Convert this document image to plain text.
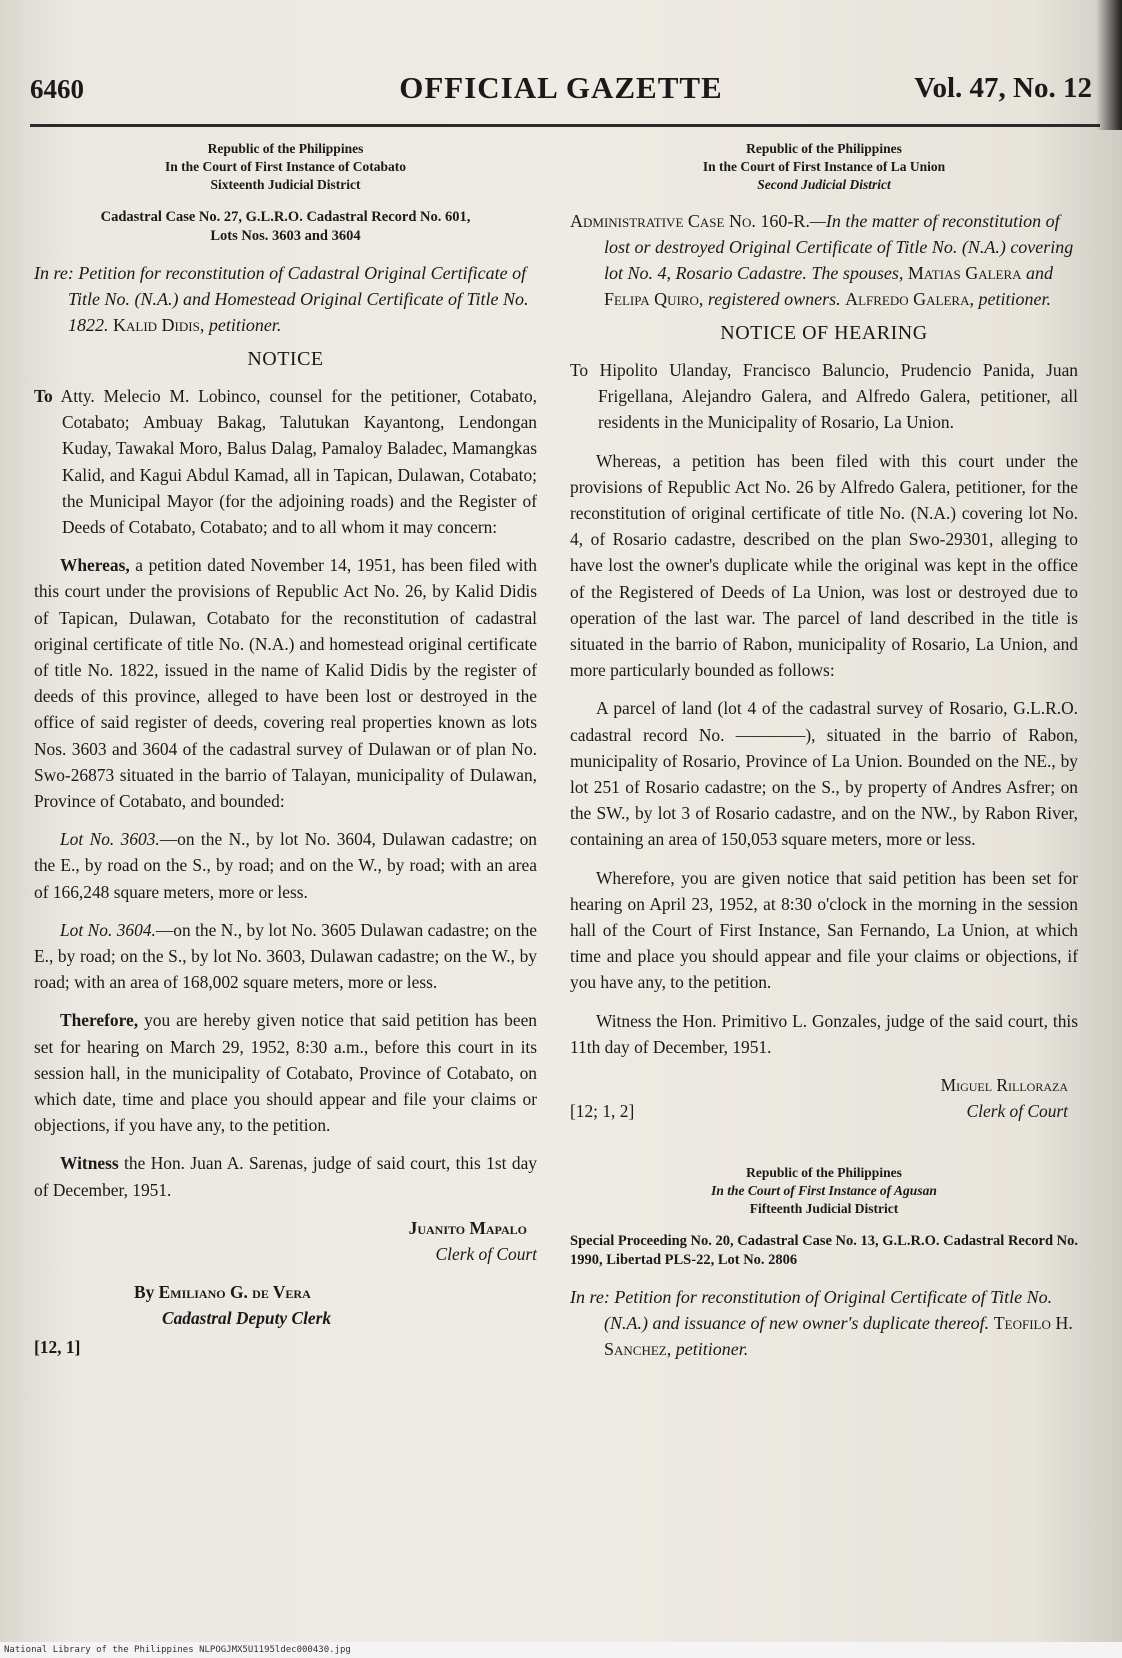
6460	OFFICIAL GAZETTE	Vol. 47, No. 12
Republic of the Philippines
In the Court of First Instance of Cotabato
Sixteenth Judicial District
Cadastral Case No. 27, G.L.R.O. Cadastral Record No. 601,
Lots Nos. 3603 and 3604
In re: Petition for reconstitution of Cadastral Original Certificate of Title No. (N.A.) and Homestead Original Certificate of Title No. 1822. Kalid Didis, petitioner.
NOTICE

To Atty. Melecio M. Lobinco, counsel for the petitioner, Cotabato, Cotabato; Ambuay Bakag, Talutukan Kayantong, Lendongan Kuday, Tawakal Moro, Balus Dalag, Pamaloy Baladec, Mamangkas Kalid, and Kagui Abdul Kamad, all in Tapican, Dulawan, Cotabato; the Municipal Mayor (for the adjoining roads) and the Register of Deeds of Cotabato, Cotabato; and to all whom it may concern:

Whereas, a petition dated November 14, 1951, has been filed with this court under the provisions of Republic Act No. 26, by Kalid Didis of Tapican, Dulawan, Cotabato for the reconstitution of cadastral original certificate of title No. (N.A.) and homestead original certificate of title No. 1822, issued in the name of Kalid Didis by the register of deeds of this province, alleged to have been lost or destroyed in the office of said register of deeds, covering real properties known as lots Nos. 3603 and 3604 of the cadastral survey of Dulawan or of plan No. Swo-26873 situated in the barrio of Talayan, municipality of Dulawan, Province of Cotabato, and bounded:

Lot No. 3603.—on the N., by lot No. 3604, Dulawan cadastre; on the E., by road on the S., by road; and on the W., by road; with an area of 166,248 square meters, more or less.

Lot No. 3604.—on the N., by lot No. 3605 Dulawan cadastre; on the E., by road; on the S., by lot No. 3603, Dulawan cadastre; on the W., by road; with an area of 168,002 square meters, more or less.

Therefore, you are hereby given notice that said petition has been set for hearing on March 29, 1952, 8:30 a.m., before this court in its session hall, in the municipality of Cotabato, Province of Cotabato, on which date, time and place you should appear and file your claims or objections, if you have any, to the petition.

Witness the Hon. Juan A. Sarenas, judge of said court, this 1st day of December, 1951.

Juanito Mapalo
Clerk of Court
By Emiliano G. de Vera
Cadastral Deputy Clerk
[12, 1]
Republic of the Philippines
In the Court of First Instance of La Union
Second Judicial District
Administrative Case No. 160-R.—In the matter of reconstitution of lost or destroyed Original Certificate of Title No. (N.A.) covering lot No. 4, Rosario Cadastre. The spouses, Matias Galera and Felipa Quiro, registered owners. Alfredo Galera, petitioner.
NOTICE OF HEARING

To Hipolito Ulanday, Francisco Baluncio, Prudencio Panida, Juan Frigellana, Alejandro Galera, and Alfredo Galera, petitioner, all residents in the Municipality of Rosario, La Union.

Whereas, a petition has been filed with this court under the provisions of Republic Act No. 26 by Alfredo Galera, petitioner, for the reconstitution of original certificate of title No. (N.A.) covering lot No. 4, of Rosario cadastre, described on the plan Swo-29301, alleging to have lost the owner's duplicate while the original was kept in the office of the Registered of Deeds of La Union, was lost or destroyed due to operation of the last war. The parcel of land described in the title is situated in the barrio of Rabon, municipality of Rosario, La Union, and more particularly bounded as follows:

A parcel of land (lot 4 of the cadastral survey of Rosario, G.L.R.O. cadastral record No. ————), situated in the barrio of Rabon, municipality of Rosario, Province of La Union. Bounded on the NE., by lot 251 of Rosario cadastre; on the S., by property of Andres Asfrer; on the SW., by lot 3 of Rosario cadastre, and on the NW., by Rabon River, containing an area of 150,053 square meters, more or less.

Wherefore, you are given notice that said petition has been set for hearing on April 23, 1952, at 8:30 o'clock in the morning in the session hall of the Court of First Instance, San Fernando, La Union, at which time and place you should appear and file your claims or objections, if you have any, to the petition.

Witness the Hon. Primitivo L. Gonzales, judge of the said court, this 11th day of December, 1951.

[12; 1, 2]
Miguel Rilloraza
Clerk of Court
Republic of the Philippines
In the Court of First Instance of Agusan
Fifteenth Judicial District
Special Proceeding No. 20, Cadastral Case No. 13, G.L.R.O. Cadastral Record No. 1990, Libertad PLS-22, Lot No. 2806
In re: Petition for reconstitution of Original Certificate of Title No. (N.A.) and issuance of new owner's duplicate thereof. Teofilo H. Sanchez, petitioner.
National Library of the Philippines NLPOGJMX5U1195ldec000430.jpg
